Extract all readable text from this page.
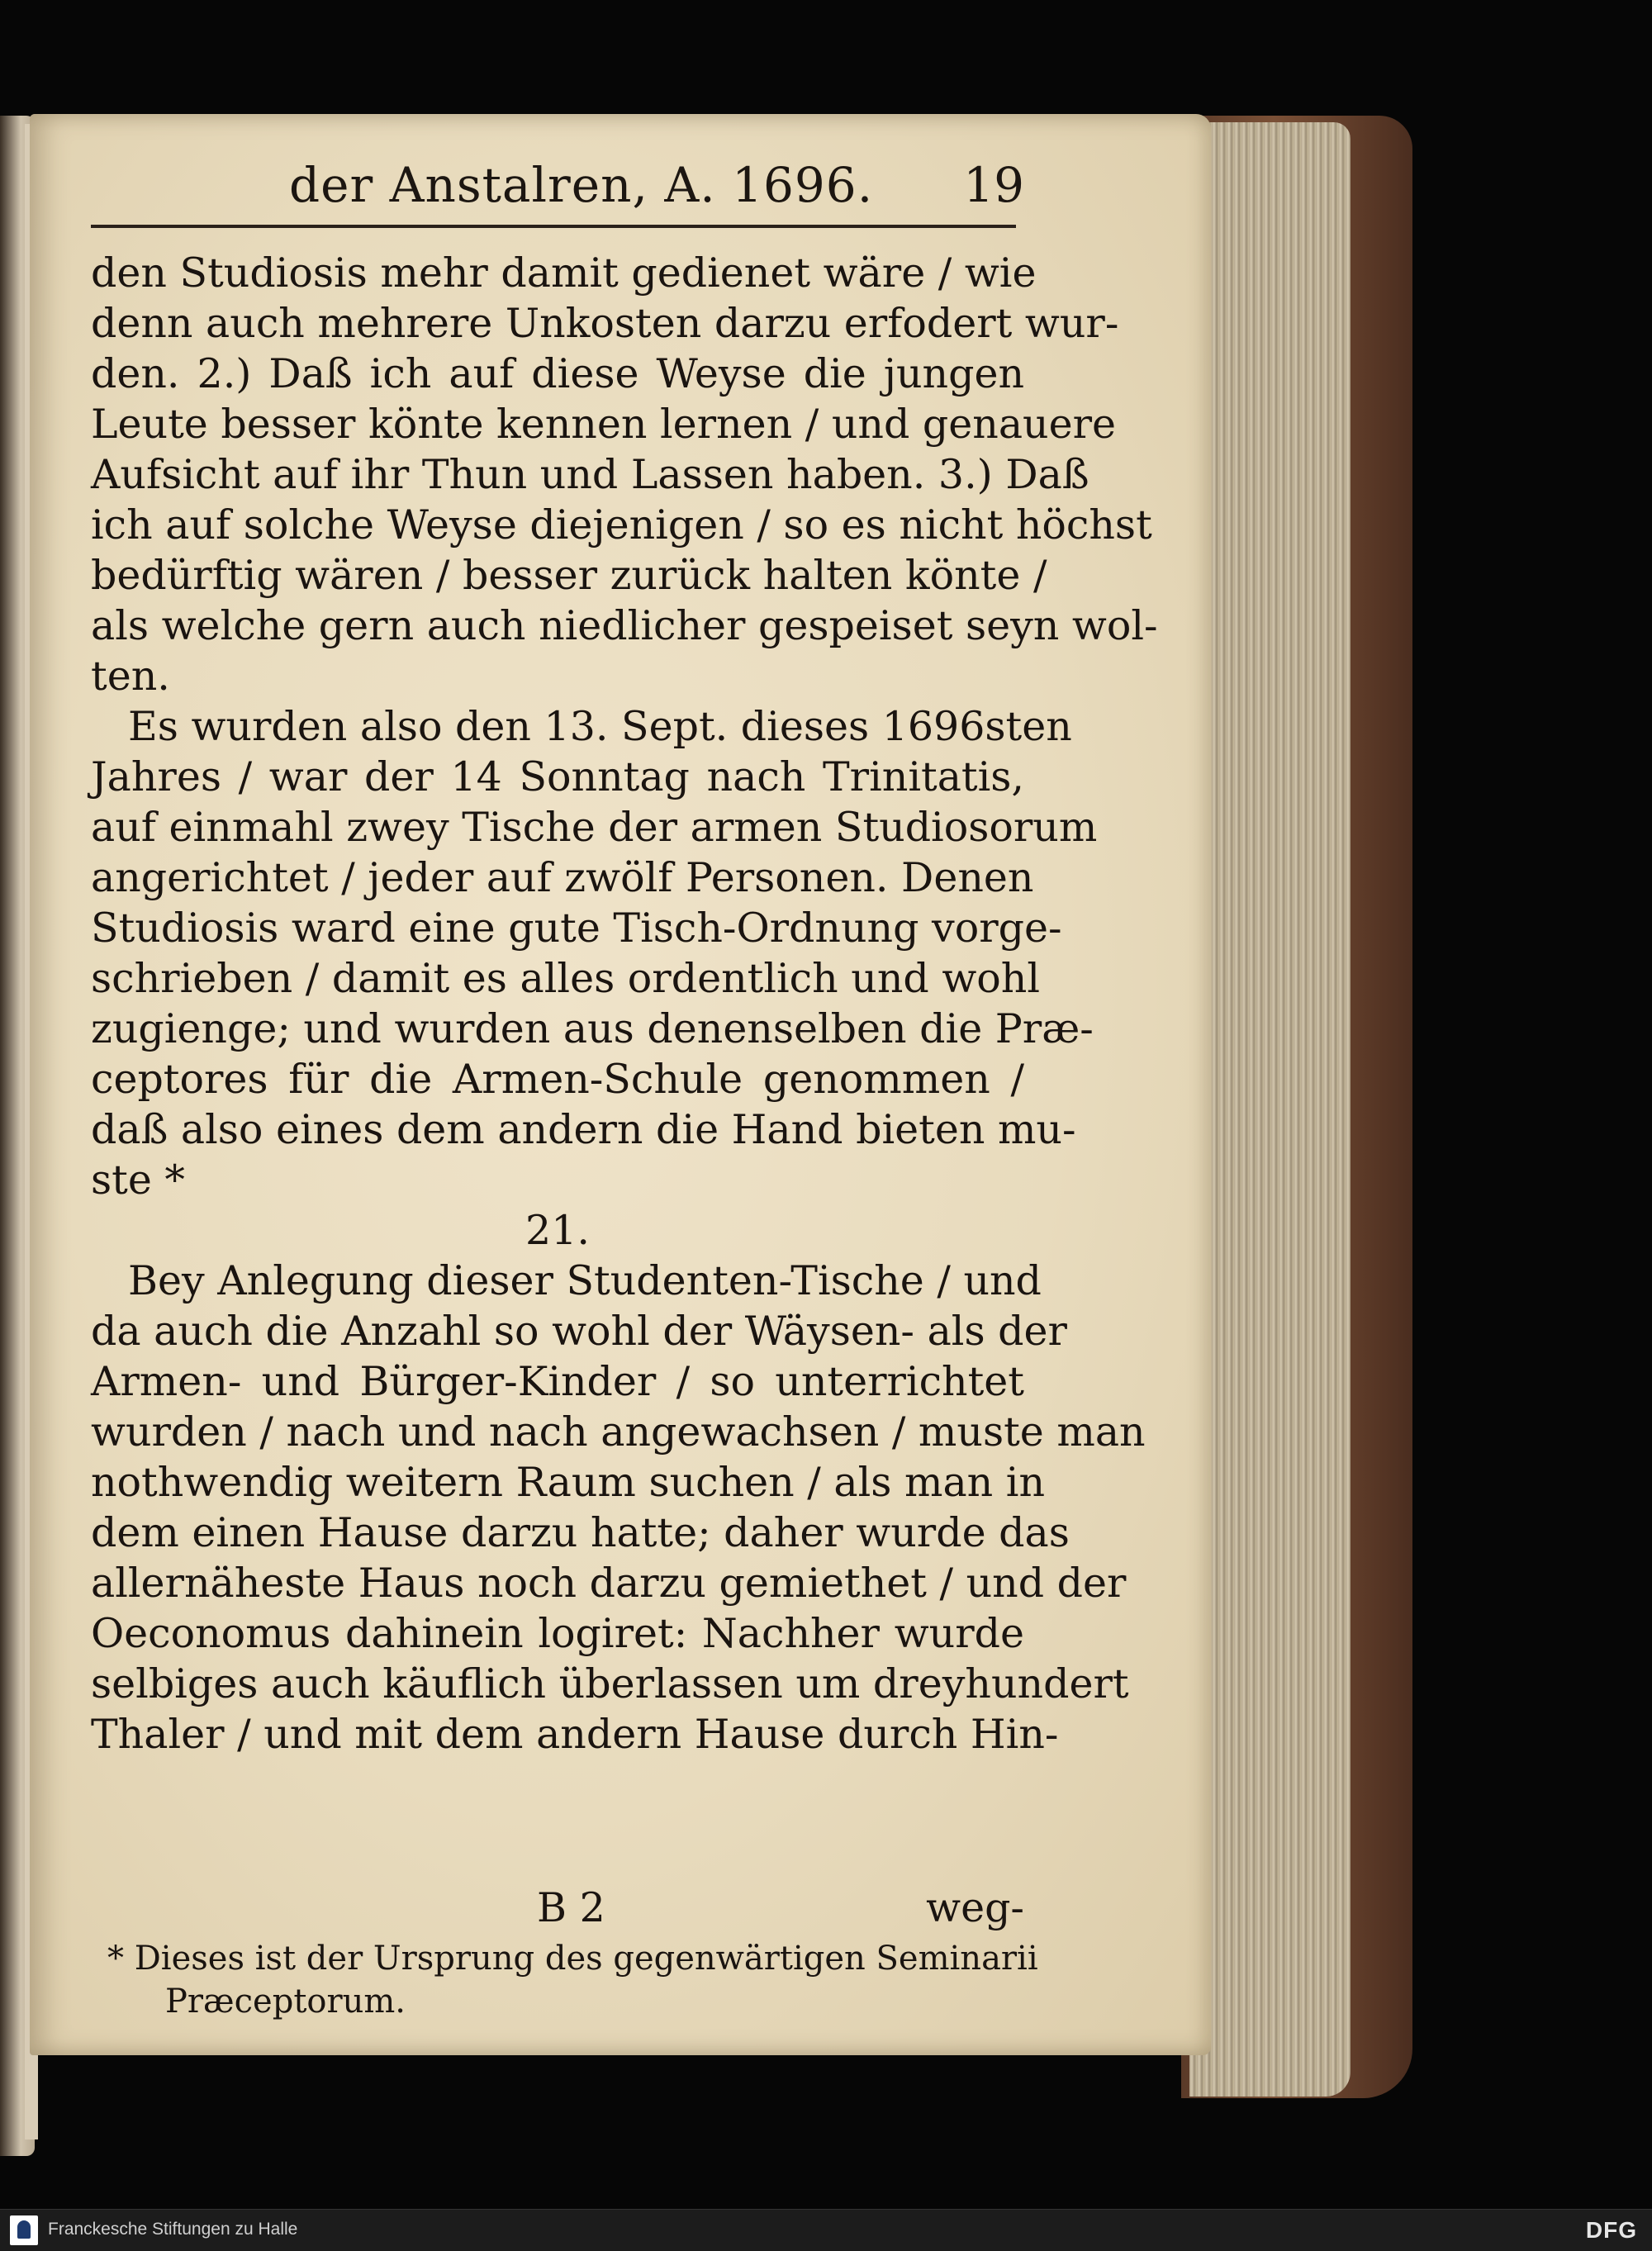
der Anstalren, A. 1696. 19
den Studiosis mehr damit gedienet wäre / wie
denn auch mehrere Unkosten darzu erfodert wur-
den. 2.) Daß ich auf diese Weyse die jungen
Leute besser könte kennen lernen / und genauere
Aufsicht auf ihr Thun und Lassen haben. 3.) Daß
ich auf solche Weyse diejenigen / so es nicht höchst
bedürftig wären / besser zurück halten könte /
als welche gern auch niedlicher gespeiset seyn wol-
ten.
Es wurden also den 13. Sept. dieses 1696sten
Jahres / war der 14 Sonntag nach Trinitatis,
auf einmahl zwey Tische der armen Studiosorum
angerichtet / jeder auf zwölf Personen. Denen
Studiosis ward eine gute Tisch-Ordnung vorge-
schrieben / damit es alles ordentlich und wohl
zugienge; und wurden aus denenselben die Præ-
ceptores für die Armen-Schule genommen /
daß also eines dem andern die Hand bieten mu-
ste *
21.
Bey Anlegung dieser Studenten-Tische / und
da auch die Anzahl so wohl der Wäysen- als der
Armen- und Bürger-Kinder / so unterrichtet
wurden / nach und nach angewachsen / muste man
nothwendig weitern Raum suchen / als man in
dem einen Hause darzu hatte; daher wurde das
allernäheste Haus noch darzu gemiethet / und der
Oeconomus dahinein logiret: Nachher wurde
selbiges auch käuflich überlassen um dreyhundert
Thaler / und mit dem andern Hause durch Hin-
B 2	weg-
* Dieses ist der Ursprung des gegenwärtigen Seminarii
Præceptorum.
Franckesche Stiftungen zu Halle	DFG
